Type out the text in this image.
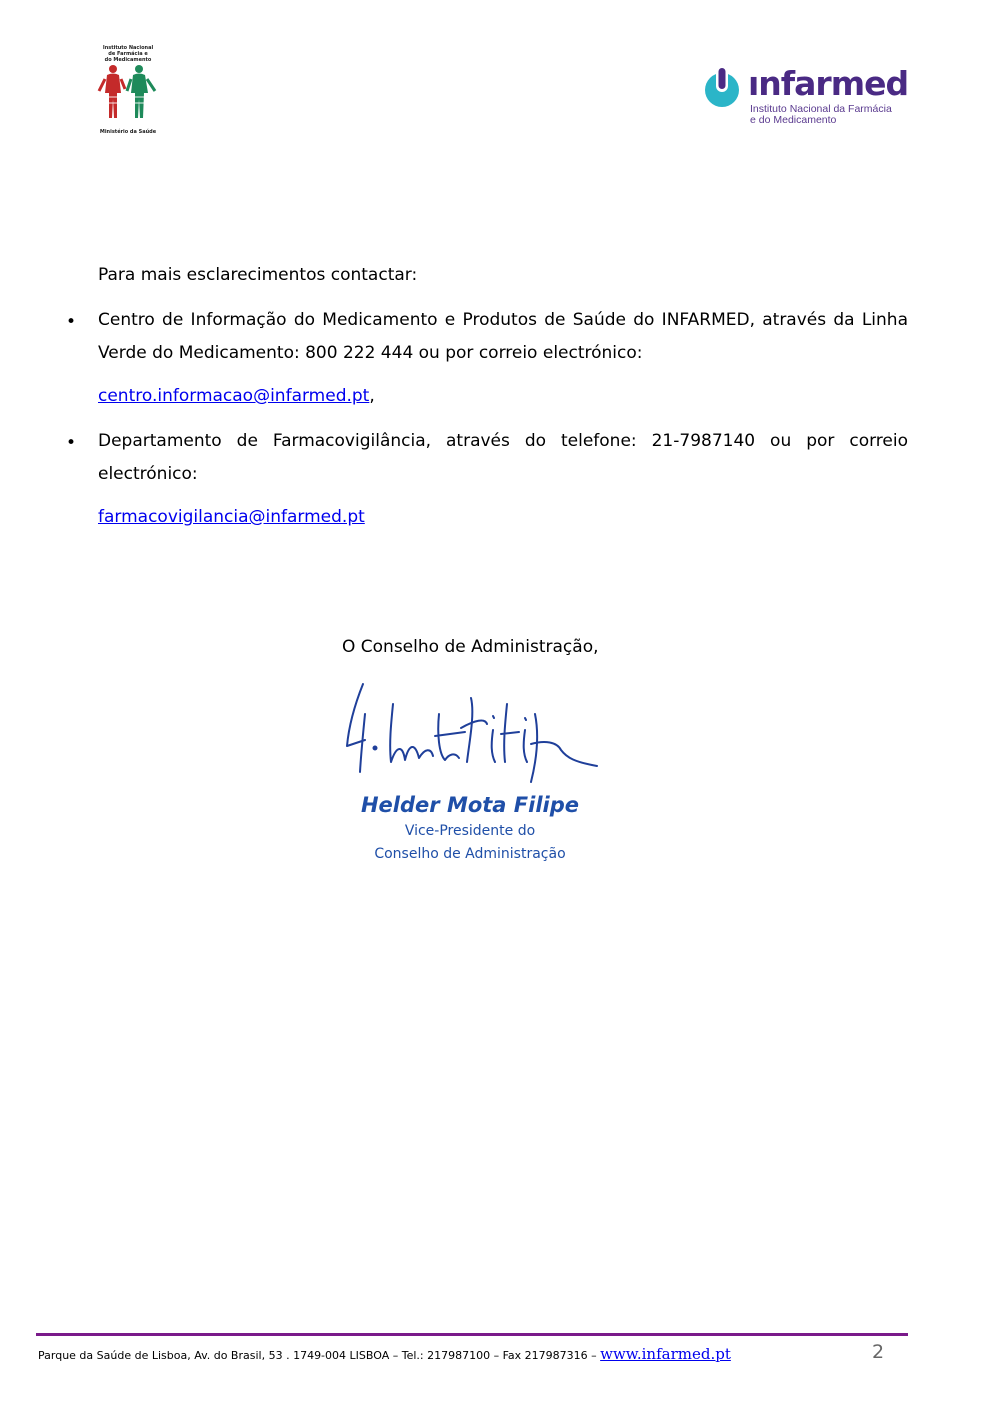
Instituto Nacional
de Farmácia e
do Medicamento
Ministério da Saúde
ınfarmed
Instituto Nacional da Farmácia
e do Medicamento
Para mais esclarecimentos contactar:
• Centro de Informação do Medicamento e Produtos de Saúde do INFARMED, através da Linha Verde do Medicamento: 800 222 444 ou por correio electrónico:
centro.informacao@infarmed.pt,
• Departamento de Farmacovigilância, através do telefone: 21-7987140 ou por correio electrónico:
farmacovigilancia@infarmed.pt
O Conselho de Administração,
Helder Mota Filipe
Vice-Presidente do
Conselho de Administração
Parque da Saúde de Lisboa, Av. do Brasil, 53 . 1749-004 LISBOA – Tel.: 217987100 – Fax 217987316 – www.infarmed.pt	2
